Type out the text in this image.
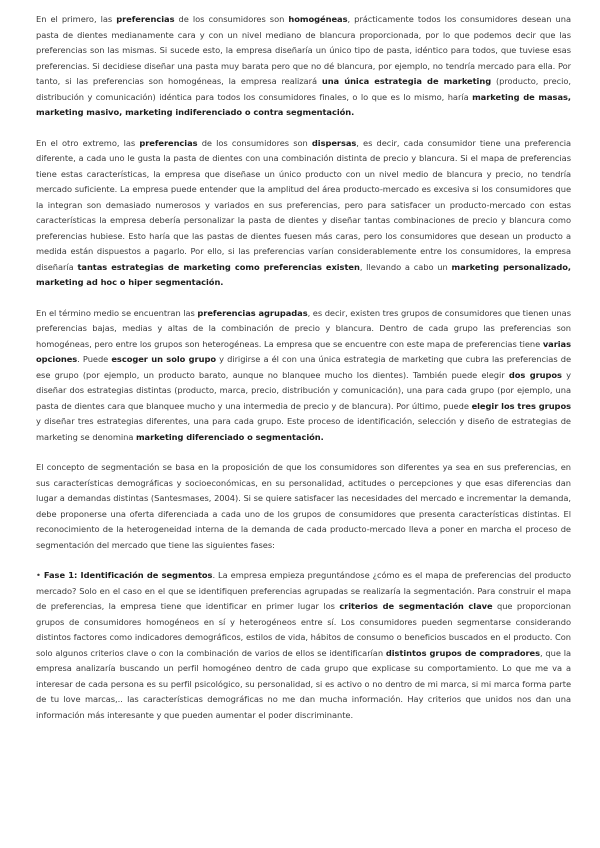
En el primero, las preferencias de los consumidores son homogéneas, prácticamente todos los consumidores desean una pasta de dientes medianamente cara y con un nivel mediano de blancura proporcionada, por lo que podemos decir que las preferencias son las mismas. Si sucede esto, la empresa diseñaría un único tipo de pasta, idéntico para todos, que tuviese esas preferencias. Si decidiese diseñar una pasta muy barata pero que no dé blancura, por ejemplo, no tendría mercado para ella. Por tanto, si las preferencias son homogéneas, la empresa realizará una única estrategia de marketing (producto, precio, distribución y comunicación) idéntica para todos los consumidores finales, o lo que es lo mismo, haría marketing de masas, marketing masivo, marketing indiferenciado o contra segmentación.

En el otro extremo, las preferencias de los consumidores son dispersas, es decir, cada consumidor tiene una preferencia diferente, a cada uno le gusta la pasta de dientes con una combinación distinta de precio y blancura. Si el mapa de preferencias tiene estas características, la empresa que diseñase un único producto con un nivel medio de blancura y precio, no tendría mercado suficiente. La empresa puede entender que la amplitud del área producto-mercado es excesiva si los consumidores que la integran son demasiado numerosos y variados en sus preferencias, pero para satisfacer un producto-mercado con estas características la empresa debería personalizar la pasta de dientes y diseñar tantas combinaciones de precio y blancura como preferencias hubiese. Esto haría que las pastas de dientes fuesen más caras, pero los consumidores que desean un producto a medida están dispuestos a pagarlo. Por ello, si las preferencias varían considerablemente entre los consumidores, la empresa diseñaría tantas estrategias de marketing como preferencias existen, llevando a cabo un marketing personalizado, marketing ad hoc o hiper segmentación.

En el término medio se encuentran las preferencias agrupadas, es decir, existen tres grupos de consumidores que tienen unas preferencias bajas, medias y altas de la combinación de precio y blancura. Dentro de cada grupo las preferencias son homogéneas, pero entre los grupos son heterogéneas. La empresa que se encuentre con este mapa de preferencias tiene varias opciones. Puede escoger un solo grupo y dirigirse a él con una única estrategia de marketing que cubra las preferencias de ese grupo (por ejemplo, un producto barato, aunque no blanquee mucho los dientes). También puede elegir dos grupos y diseñar dos estrategias distintas (producto, marca, precio, distribución y comunicación), una para cada grupo (por ejemplo, una pasta de dientes cara que blanquee mucho y una intermedia de precio y de blancura). Por último, puede elegir los tres grupos y diseñar tres estrategias diferentes, una para cada grupo. Este proceso de identificación, selección y diseño de estrategias de marketing se denomina marketing diferenciado o segmentación.

El concepto de segmentación se basa en la proposición de que los consumidores son diferentes ya sea en sus preferencias, en sus características demográficas y socioeconómicas, en su personalidad, actitudes o percepciones y que esas diferencias dan lugar a demandas distintas (Santesmases, 2004). Si se quiere satisfacer las necesidades del mercado e incrementar la demanda, debe proponerse una oferta diferenciada a cada uno de los grupos de consumidores que presenta características distintas. El reconocimiento de la heterogeneidad interna de la demanda de cada producto-mercado lleva a poner en marcha el proceso de segmentación del mercado que tiene las siguientes fases:

• Fase 1: Identificación de segmentos. La empresa empieza preguntándose ¿cómo es el mapa de preferencias del producto mercado? Solo en el caso en el que se identifiquen preferencias agrupadas se realizaría la segmentación. Para construir el mapa de preferencias, la empresa tiene que identificar en primer lugar los criterios de segmentación clave que proporcionan grupos de consumidores homogéneos en sí y heterogéneos entre sí. Los consumidores pueden segmentarse considerando distintos factores como indicadores demográficos, estilos de vida, hábitos de consumo o beneficios buscados en el producto. Con solo algunos criterios clave o con la combinación de varios de ellos se identificarían distintos grupos de compradores, que la empresa analizaría buscando un perfil homogéneo dentro de cada grupo que explicase su comportamiento. Lo que me va a interesar de cada persona es su perfil psicológico, su personalidad, si es activo o no dentro de mi marca, si mi marca forma parte de tu love marcas,.. las características demográficas no me dan mucha información. Hay criterios que unidos nos dan una información más interesante y que pueden aumentar el poder discriminante.
